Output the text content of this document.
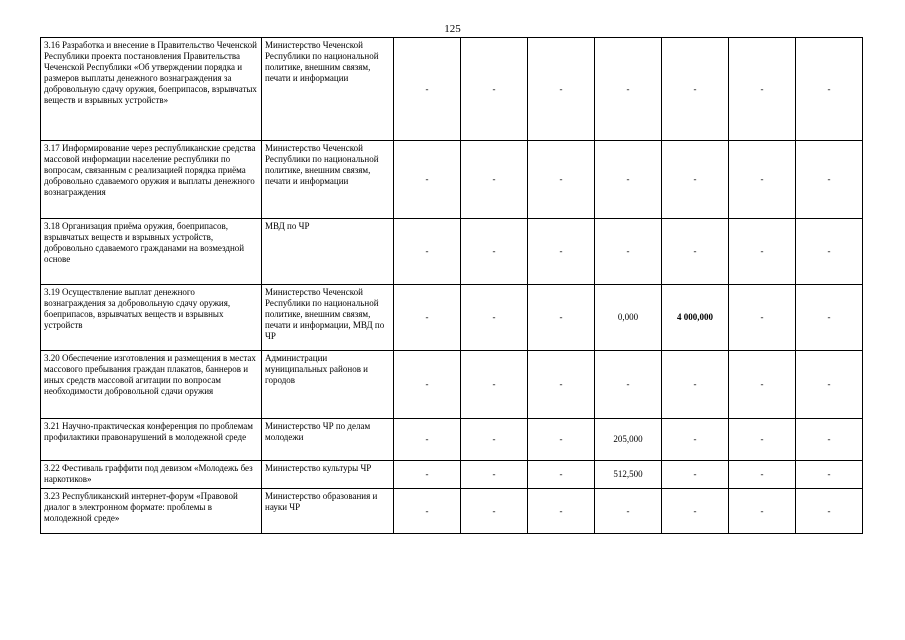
125
3.16 Разработка и внесение в Правительство Чеченской Республики проекта постановления Правительства Чеченской Республики «Об утверждении порядка и размеров выплаты денежного вознаграждения за добровольную сдачу оружия, боеприпасов, взрывчатых веществ и взрывных устройств»	Министерство Чеченской Республики по национальной политике, внешним связям, печати и информации	-	-	-	-	-	-	-
3.17 Информирование через республиканские средства массовой информации население республики по вопросам, связанным с реализацией порядка приёма добровольно сдаваемого оружия и выплаты денежного вознаграждения	Министерство Чеченской Республики по национальной политике, внешним связям, печати и информации	-	-	-	-	-	-	-
3.18 Организация приёма оружия, боеприпасов, взрывчатых веществ и взрывных устройств, добровольно сдаваемого гражданами на возмездной основе	МВД по ЧР	-	-	-	-	-	-	-
3.19 Осуществление выплат денежного вознаграждения за добровольную сдачу оружия, боеприпасов, взрывчатых веществ и взрывных устройств	Министерство Чеченской Республики по национальной политике, внешним связям, печати и информации, МВД по ЧР	-	-	-	0,000	4 000,000	-	-
3.20 Обеспечение изготовления и размещения в местах массового пребывания граждан плакатов, баннеров и иных средств массовой агитации по вопросам необходимости добровольной сдачи оружия	Администрации муниципальных районов и городов	-	-	-	-	-	-	-
3.21 Научно-практическая конференция по проблемам профилактики правонарушений в молодежной среде	Министерство ЧР по делам молодежи	-	-	-	205,000	-	-	-
3.22 Фестиваль граффити под девизом «Молодежь без наркотиков»	Министерство культуры ЧР	-	-	-	512,500	-	-	-
3.23 Республиканский интернет-форум «Правовой диалог в электронном формате: проблемы в молодежной среде»	Министерство образования и науки ЧР	-	-	-	-	-	-	-
